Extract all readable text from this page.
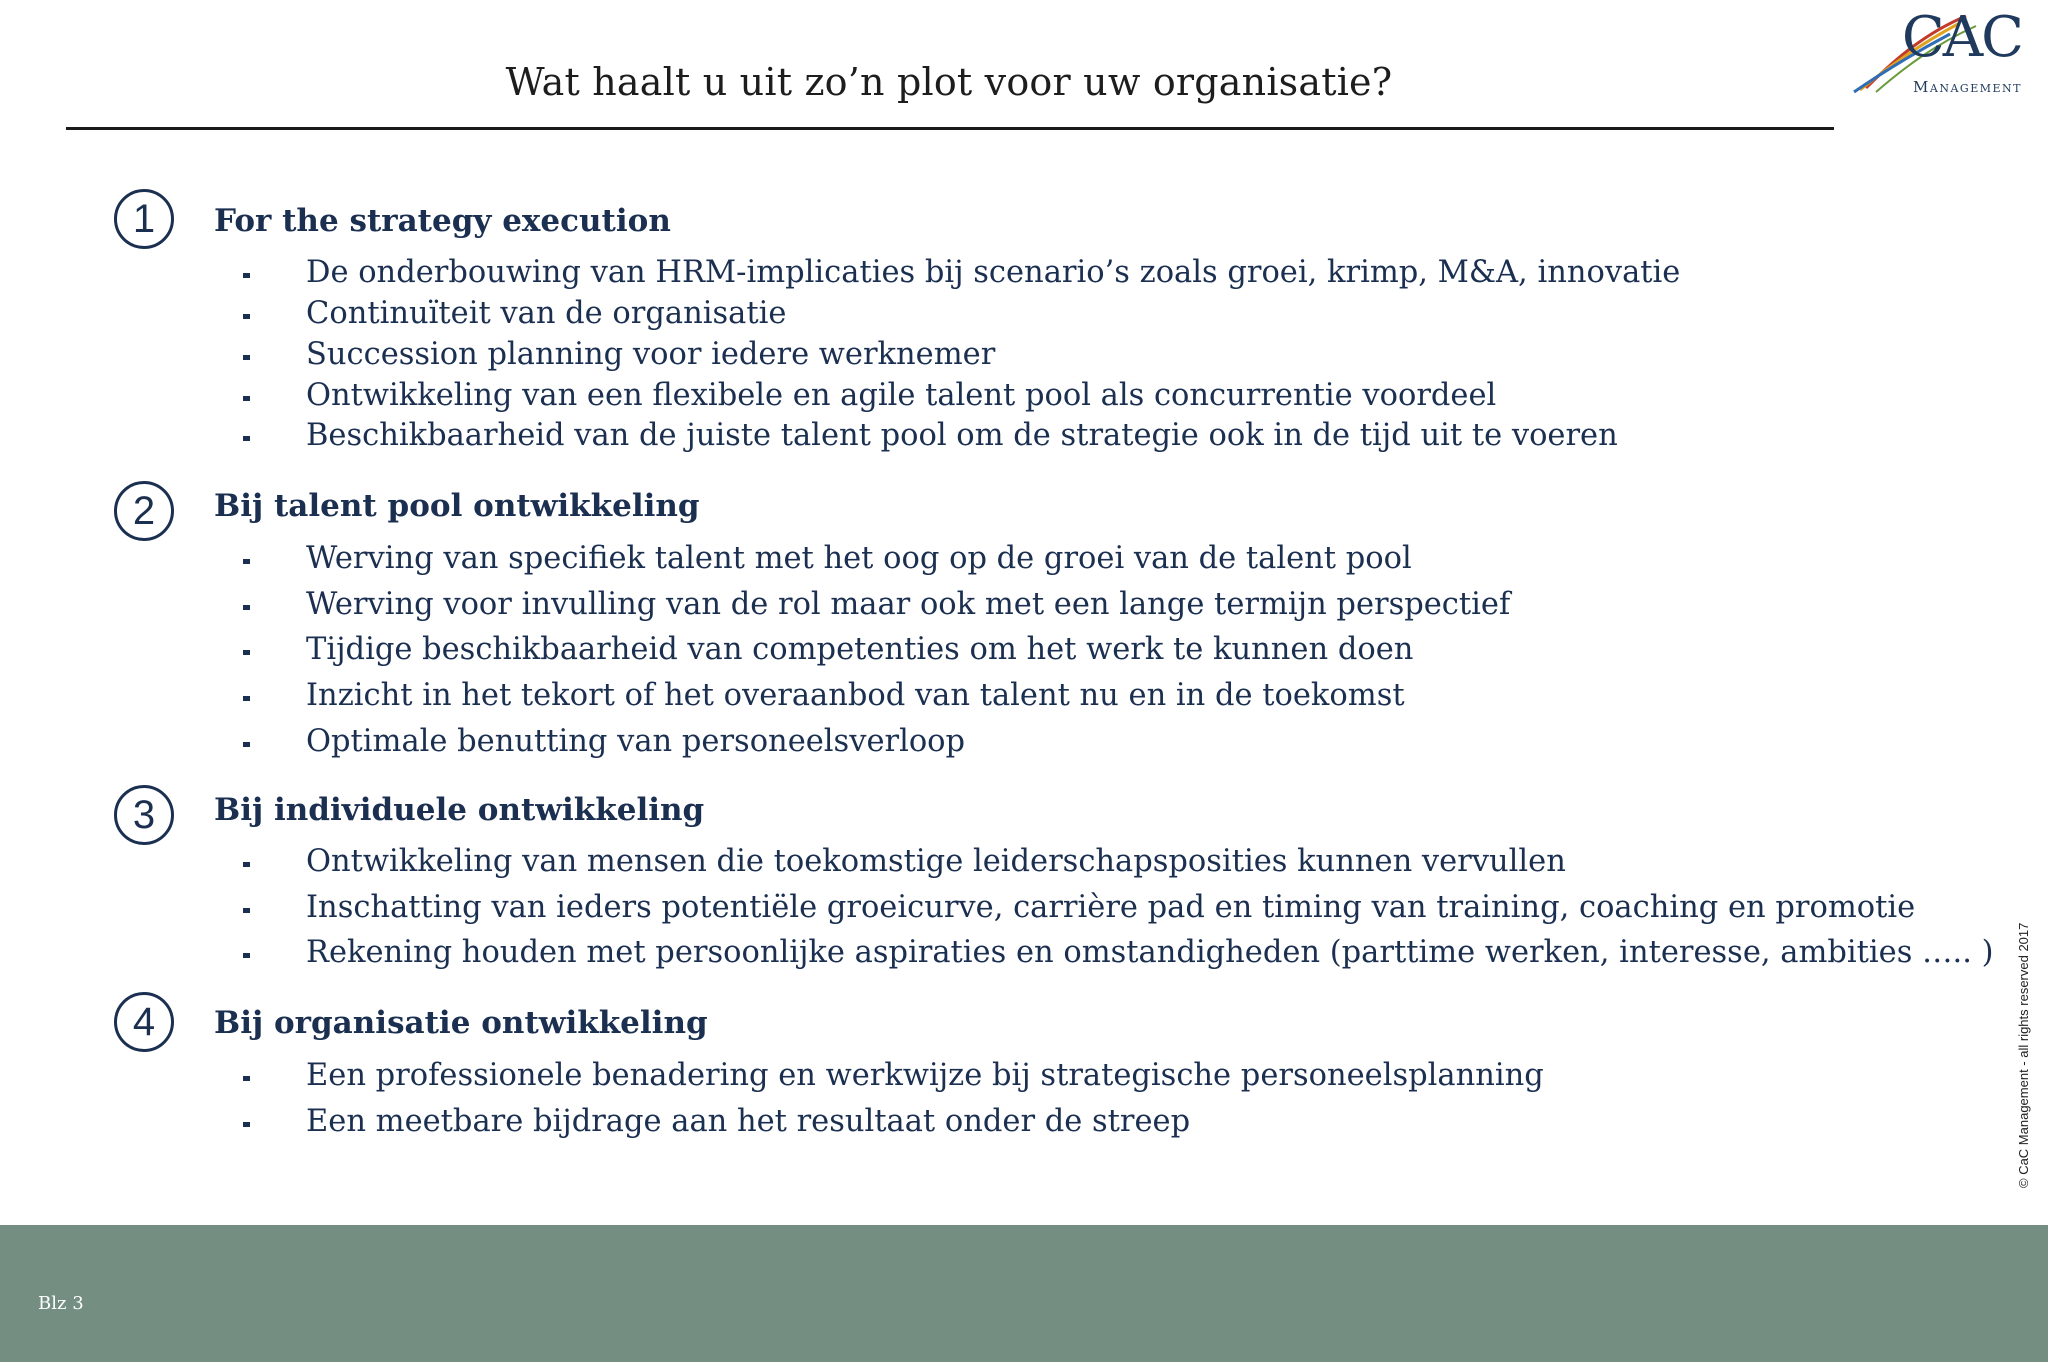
Wat haalt u uit zo’n plot voor uw organisatie?
CAC
Management
© CaC Management - all rights reserved 2017
1	For the strategy execution
De onderbouwing van HRM-implicaties bij scenario’s zoals groei, krimp, M&A, innovatie
Continuïteit van de organisatie
Succession planning voor iedere werknemer
Ontwikkeling van een flexibele en agile talent pool als concurrentie voordeel
Beschikbaarheid van de juiste talent pool om de strategie ook in de tijd uit te voeren
2	Bij talent pool ontwikkeling
Werving van specifiek talent met het oog op de groei van de talent pool
Werving voor invulling van de rol maar ook met een lange termijn perspectief
Tijdige beschikbaarheid van competenties om het werk te kunnen doen
Inzicht in het tekort of het overaanbod van talent nu en in de toekomst
Optimale benutting van personeelsverloop
3	Bij individuele ontwikkeling
Ontwikkeling van mensen die toekomstige leiderschapsposities kunnen vervullen
Inschatting van ieders potentiële groeicurve, carrière pad en timing van training, coaching en promotie
Rekening houden met persoonlijke aspiraties en omstandigheden (parttime werken, interesse, ambities ….. )
4	Bij organisatie ontwikkeling
Een professionele benadering en werkwijze bij strategische personeelsplanning
Een meetbare bijdrage aan het resultaat onder de streep
Blz 3
